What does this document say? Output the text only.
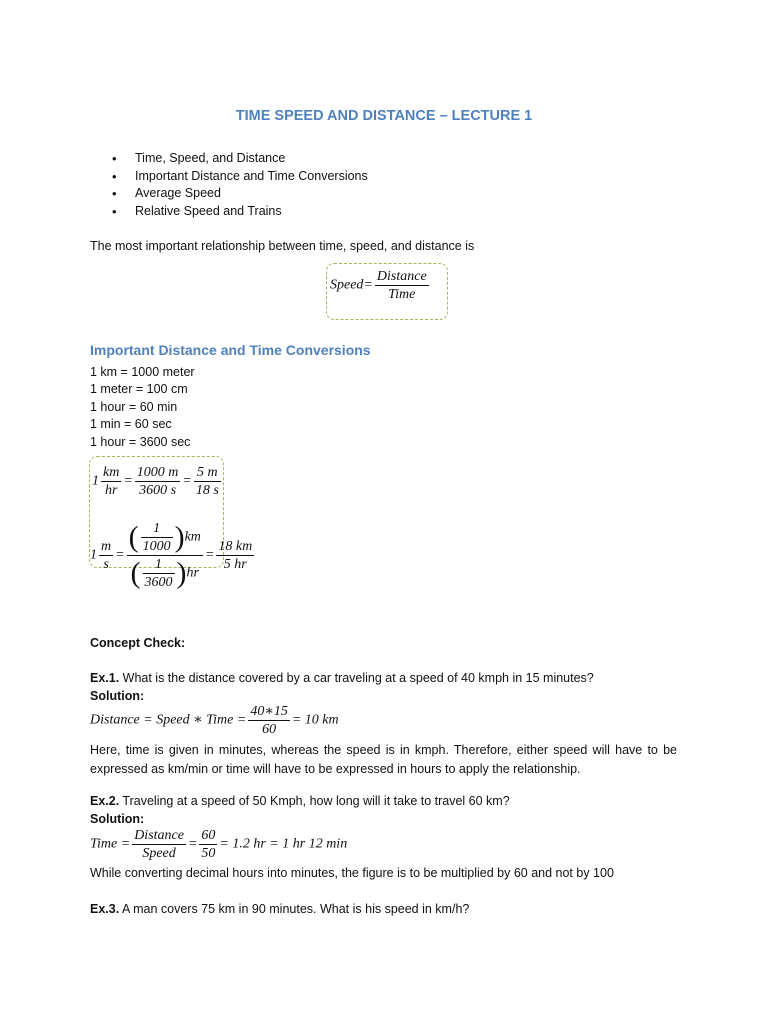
TIME SPEED AND DISTANCE – LECTURE 1
• Time, Speed, and Distance
• Important Distance and Time Conversions
• Average Speed
• Relative Speed and Trains
The most important relationship between time, speed, and distance is
Speed= $\frac{\text{Distance}}{\text{Time}}$
Important Distance and Time Conversions
1 km = 1000 meter
1 meter = 100 cm
1 hour = 60 min
1 min = 60 sec
1 hour = 3600 sec
$1 \frac{km}{hr} = \frac{1000 m}{3600 s} = \frac{5 m}{18 s}$
$1 \frac{m}{s} = \frac{( \frac{1}{1000} )km}{( \frac{1}{3600} )hr} = \frac{18 km}{5 hr}$
Concept Check:
Ex.1. What is the distance covered by a car traveling at a speed of 40 kmph in 15 minutes?
Solution:
Distance = Speed ∗ Time = $\frac{40∗15}{60} = 10$ km
Here, time is given in minutes, whereas the speed is in kmph. Therefore, either speed will have to be expressed as km/min or time will have to be expressed in hours to apply the relationship.
Ex.2. Traveling at a speed of 50 Kmph, how long will it take to travel 60 km?
Solution:
Time = $\frac{\text{Distance}}{\text{Speed}} = \frac{60}{50} = 1.2$ hr = 1 hr 12 min
While converting decimal hours into minutes, the figure is to be multiplied by 60 and not by 100
Ex.3. A man covers 75 km in 90 minutes. What is his speed in km/h?
